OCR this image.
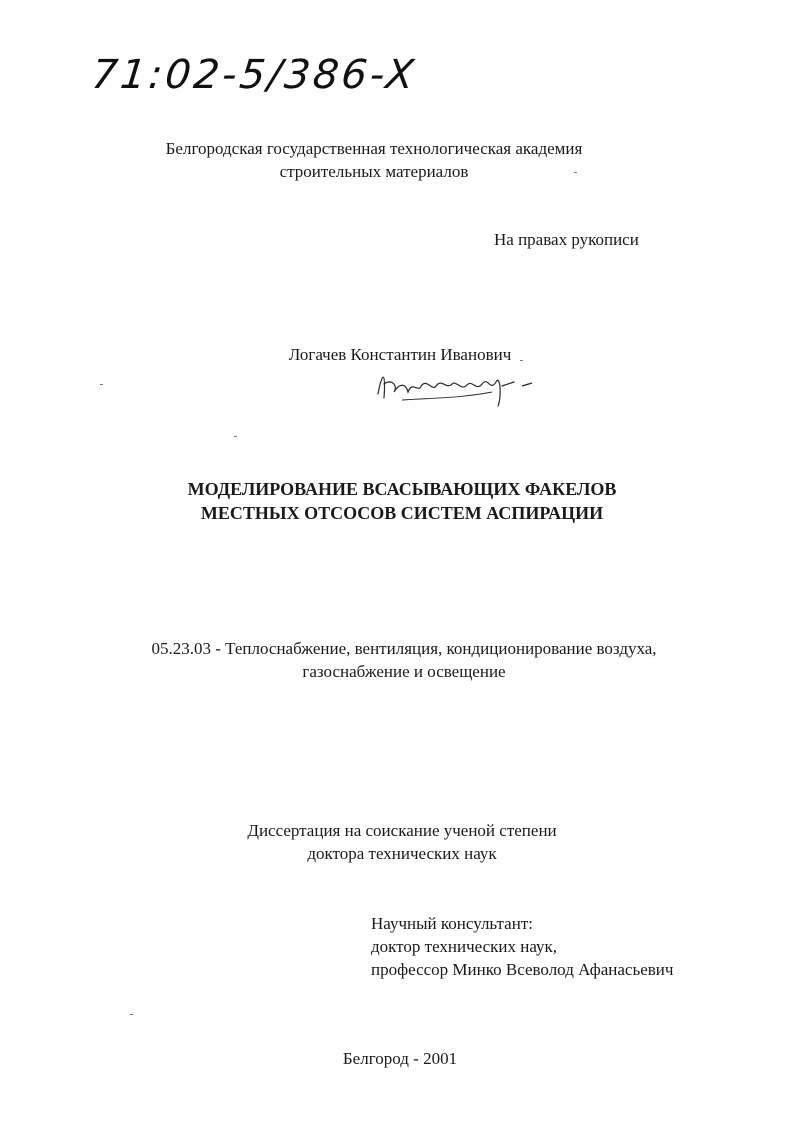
71:02-5/386-X
Белгородская государственная технологическая академия
строительных материалов
На правах рукописи
Логачев Константин Иванович
МОДЕЛИРОВАНИЕ ВСАСЫВАЮЩИХ ФАКЕЛОВ
МЕСТНЫХ ОТСОСОВ СИСТЕМ АСПИРАЦИИ
05.23.03 - Теплоснабжение, вентиляция, кондиционирование воздуха,
газоснабжение и освещение
Диссертация на соискание ученой степени
доктора технических наук
Научный консультант:
доктор технических наук,
профессор Минко Всеволод Афанасьевич
Белгород - 2001
